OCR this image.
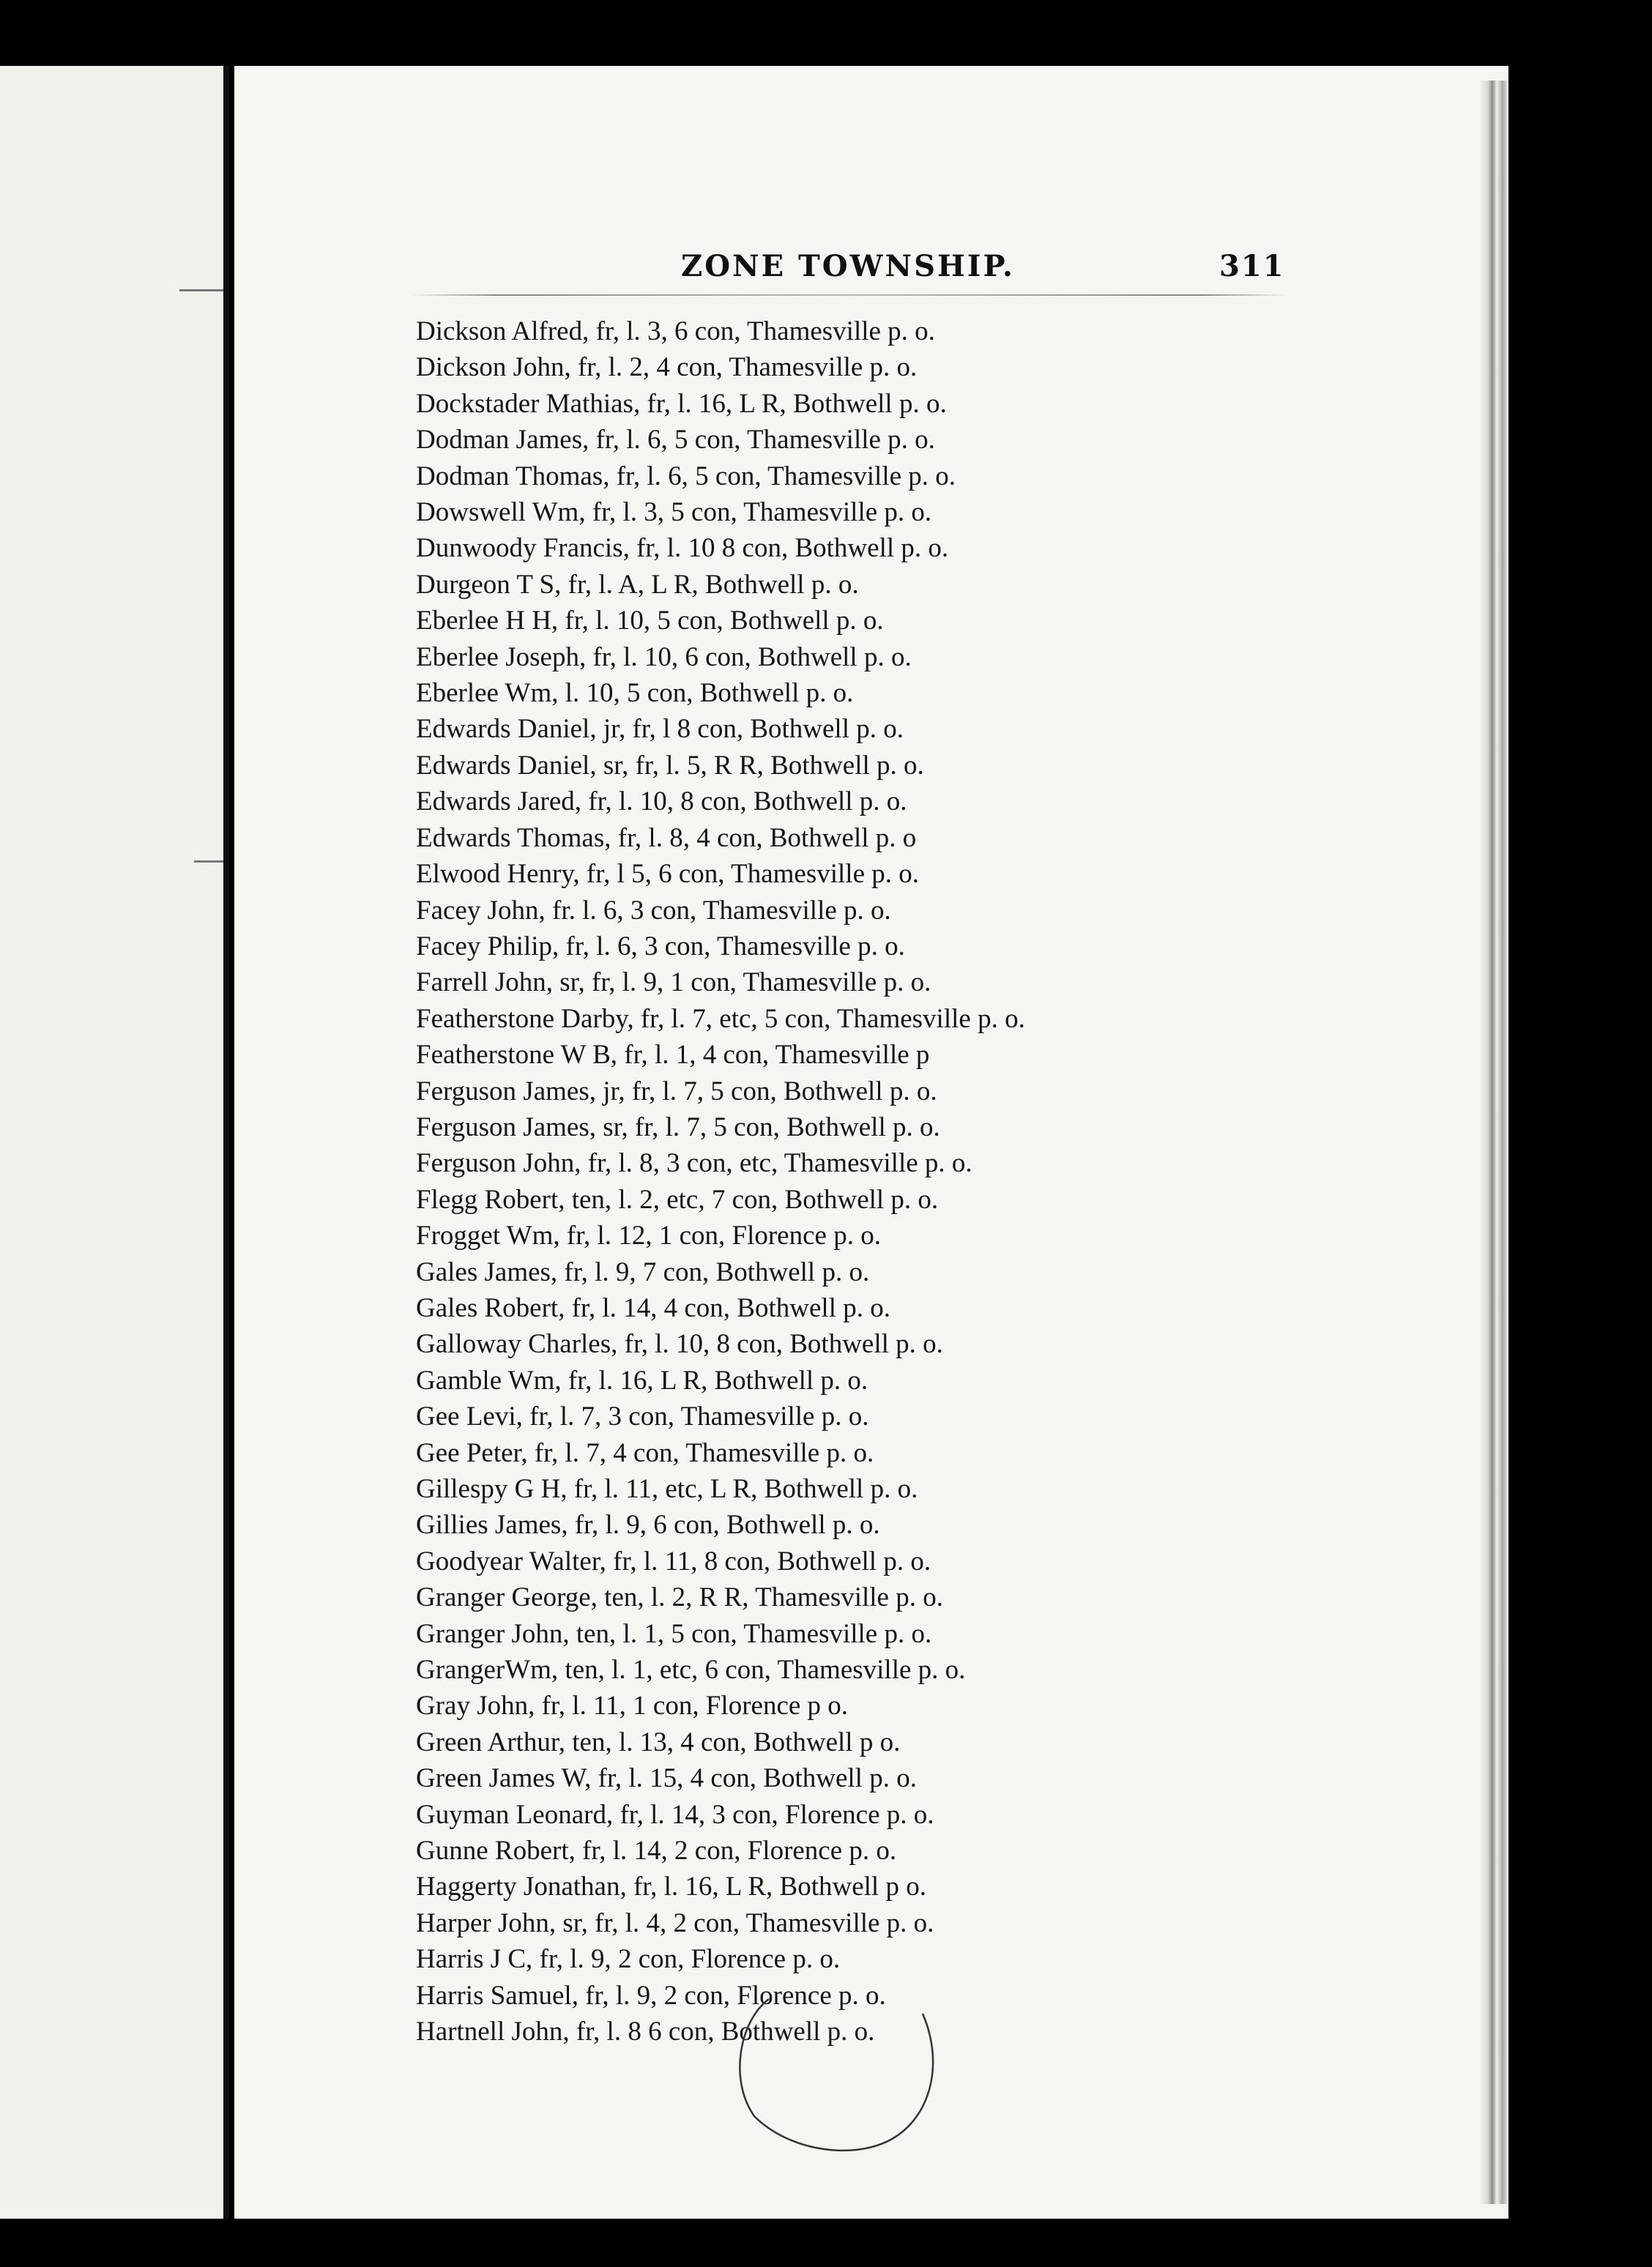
ZONE TOWNSHIP.	311
Dickson Alfred, fr, l. 3, 6 con, Thamesville p. o.
Dickson John, fr, l. 2, 4 con, Thamesville p. o.
Dockstader Mathias, fr, l. 16, L R, Bothwell p. o.
Dodman James, fr, l. 6, 5 con, Thamesville p. o.
Dodman Thomas, fr, l. 6, 5 con, Thamesville p. o.
Dowswell Wm, fr, l. 3, 5 con, Thamesville p. o.
Dunwoody Francis, fr, l. 10 8 con, Bothwell p. o.
Durgeon T S, fr, l. A, L R, Bothwell p. o.
Eberlee H H, fr, l. 10, 5 con, Bothwell p. o.
Eberlee Joseph, fr, l. 10, 6 con, Bothwell p. o.
Eberlee Wm, l. 10, 5 con, Bothwell p. o.
Edwards Daniel, jr, fr, l 8 con, Bothwell p. o.
Edwards Daniel, sr, fr, l. 5, R R, Bothwell p. o.
Edwards Jared, fr, l. 10, 8 con, Bothwell p. o.
Edwards Thomas, fr, l. 8, 4 con, Bothwell p. o
Elwood Henry, fr, l 5, 6 con, Thamesville p. o.
Facey John, fr. l. 6, 3 con, Thamesville p. o.
Facey Philip, fr, l. 6, 3 con, Thamesville p. o.
Farrell John, sr, fr, l. 9, 1 con, Thamesville p. o.
Featherstone Darby, fr, l. 7, etc, 5 con, Thamesville p. o.
Featherstone W B, fr, l. 1, 4 con, Thamesville p
Ferguson James, jr, fr, l. 7, 5 con, Bothwell p. o.
Ferguson James, sr, fr, l. 7, 5 con, Bothwell p. o.
Ferguson John, fr, l. 8, 3 con, etc, Thamesville p. o.
Flegg Robert, ten, l. 2, etc, 7 con, Bothwell p. o.
Frogget Wm, fr, l. 12, 1 con, Florence p. o.
Gales James, fr, l. 9, 7 con, Bothwell p. o.
Gales Robert, fr, l. 14, 4 con, Bothwell p. o.
Galloway Charles, fr, l. 10, 8 con, Bothwell p. o.
Gamble Wm, fr, l. 16, L R, Bothwell p. o.
Gee Levi, fr, l. 7, 3 con, Thamesville p. o.
Gee Peter, fr, l. 7, 4 con, Thamesville p. o.
Gillespy G H, fr, l. 11, etc, L R, Bothwell p. o.
Gillies James, fr, l. 9, 6 con, Bothwell p. o.
Goodyear Walter, fr, l. 11, 8 con, Bothwell p. o.
Granger George, ten, l. 2, R R, Thamesville p. o.
Granger John, ten, l. 1, 5 con, Thamesville p. o.
GrangerWm, ten, l. 1, etc, 6 con, Thamesville p. o.
Gray John, fr, l. 11, 1 con, Florence p o.
Green Arthur, ten, l. 13, 4 con, Bothwell p o.
Green James W, fr, l. 15, 4 con, Bothwell p. o.
Guyman Leonard, fr, l. 14, 3 con, Florence p. o.
Gunne Robert, fr, l. 14, 2 con, Florence p. o.
Haggerty Jonathan, fr, l. 16, L R, Bothwell p o.
Harper John, sr, fr, l. 4, 2 con, Thamesville p. o.
Harris J C, fr, l. 9, 2 con, Florence p. o.
Harris Samuel, fr, l. 9, 2 con, Florence p. o.
Hartnell John, fr, l. 8 6 con, Bothwell p. o.
